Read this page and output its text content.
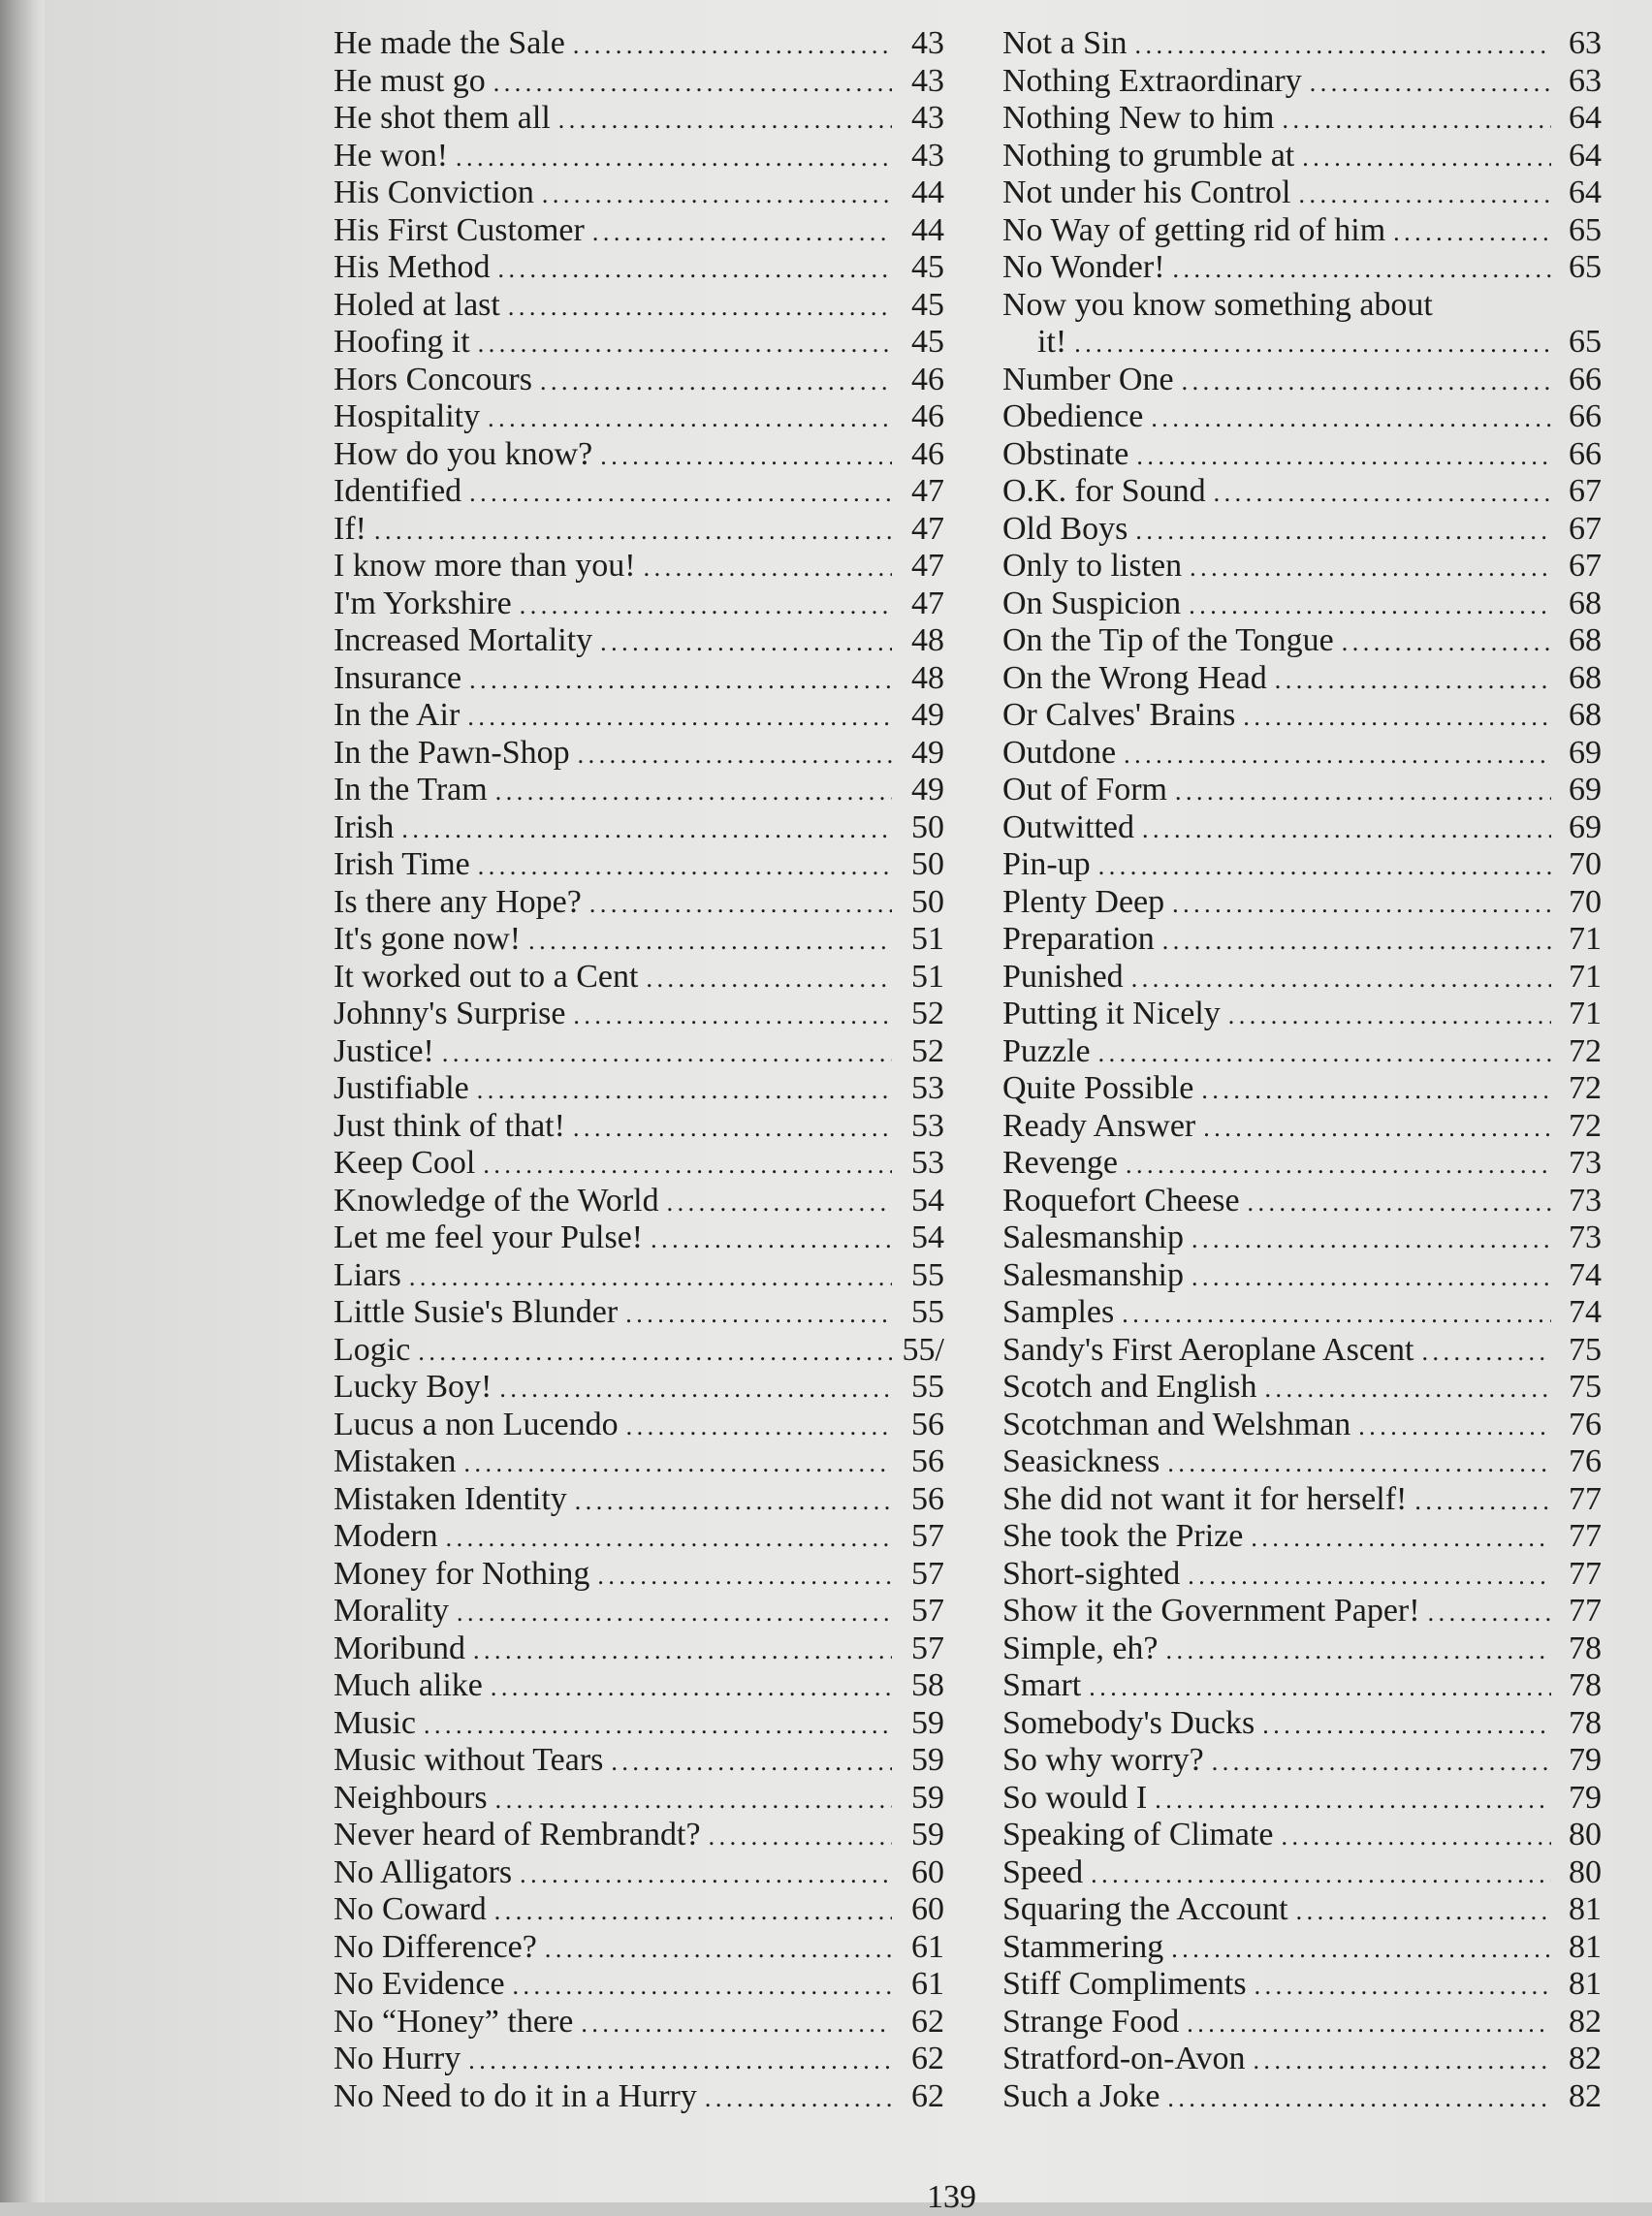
He made the Sale . . .	43
He must go . . .	43
He shot them all . . .	43
He won! . . .	43
His Conviction . . .	44
His First Customer . . .	44
His Method . . .	45
Holed at last . . .	45
Hoofing it . . .	45
Hors Concours . . .	46
Hospitality . . .	46
How do you know? . . .	46
Identified . . .	47
If! . . .	47
I know more than you! . . .	47
I'm Yorkshire . . .	47
Increased Mortality . . .	48
Insurance . . .	48
In the Air . . .	49
In the Pawn-Shop . . .	49
In the Tram . . .	49
Irish . . .	50
Irish Time . . .	50
Is there any Hope? . . .	50
It's gone now! . . .	51
It worked out to a Cent . . .	51
Johnny's Surprise . . .	52
Justice! . . .	52
Justifiable . . .	53
Just think of that! . . .	53
Keep Cool . . .	53
Knowledge of the World . . .	54
Let me feel your Pulse! . . .	54
Liars . . .	55
Little Susie's Blunder . . .	55
Logic . . .	55/
Lucky Boy! . . .	55
Lucus a non Lucendo . . .	56
Mistaken . . .	56
Mistaken Identity . . .	56
Modern . . .	57
Money for Nothing . . .	57
Morality . . .	57
Moribund . . .	57
Much alike . . .	58
Music . . .	59
Music without Tears . . .	59
Neighbours . . .	59
Never heard of Rembrandt? . . .	59
No Alligators . . .	60
No Coward . . .	60
No Difference? . . .	61
No Evidence . . .	61
No “Honey” there . . .	62
No Hurry . . .	62
No Need to do it in a Hurry . . .	62
Not a Sin . . .	63
Nothing Extraordinary . . .	63
Nothing New to him . . .	64
Nothing to grumble at . . .	64
Not under his Control . . .	64
No Way of getting rid of him . . .	65
No Wonder! . . .	65
Now you know something about
it! . . .	65
Number One . . .	66
Obedience . . .	66
Obstinate . . .	66
O.K. for Sound . . .	67
Old Boys . . .	67
Only to listen . . .	67
On Suspicion . . .	68
On the Tip of the Tongue . . .	68
On the Wrong Head . . .	68
Or Calves' Brains . . .	68
Outdone . . .	69
Out of Form . . .	69
Outwitted . . .	69
Pin-up . . .	70
Plenty Deep . . .	70
Preparation . . .	71
Punished . . .	71
Putting it Nicely . . .	71
Puzzle . . .	72
Quite Possible . . .	72
Ready Answer . . .	72
Revenge . . .	73
Roquefort Cheese . . .	73
Salesmanship . . .	73
Salesmanship . . .	74
Samples . . .	74
Sandy's First Aeroplane Ascent . . .	75
Scotch and English . . .	75
Scotchman and Welshman . . .	76
Seasickness . . .	76
She did not want it for herself! . . .	77
She took the Prize . . .	77
Short-sighted . . .	77
Show it the Government Paper! . . .	77
Simple, eh? . . .	78
Smart . . .	78
Somebody's Ducks . . .	78
So why worry? . . .	79
So would I . . .	79
Speaking of Climate . . .	80
Speed . . .	80
Squaring the Account . . .	81
Stammering . . .	81
Stiff Compliments . . .	81
Strange Food . . .	82
Stratford-on-Avon . . .	82
Such a Joke . . .	82
139
